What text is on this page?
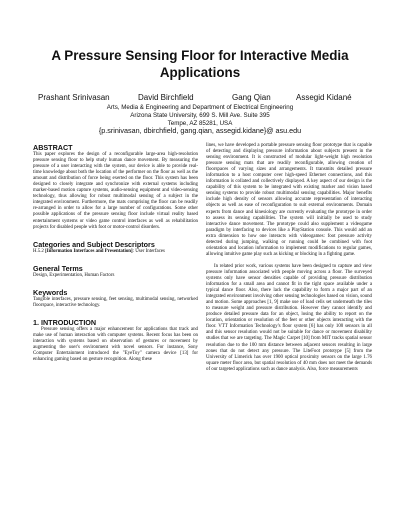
A Pressure Sensing Floor for Interactive Media
Applications
Prashant Srinivasan	David Birchfield	Gang Qian	Assegid Kidané
Arts, Media & Engineering and Department of Electrical Engineering
Arizona State University, 699 S. Mill Ave. Suite 395
Tempe, AZ 85281, USA
{p.srinivasan, dbirchfield, gang.qian, assegid.kidane}@ asu.edu
ABSTRACT

This paper explores the design of a reconfigurable large-area high-resolution pressure sensing floor to help study human dance movement. By measuring the pressure of a user interacting with the system, our device is able to provide real-time knowledge about both the location of the performer on the floor as well as the amount and distribution of force being exerted on the floor. This system has been designed to closely integrate and synchronize with external systems including marker-based motion capture systems, audio-sensing equipment and video-sensing technology, thus allowing for robust multimodal sensing of a subject in the integrated environment. Furthermore, the mats comprising the floor can be readily re-arranged in order to allow for a large number of configurations. Some other possible applications of the pressure sensing floor include virtual reality based entertainment systems or video game control interfaces as well as rehabilitation projects for disabled people with foot or motor-control disorders.

Categories and Subject Descriptors

H.5.2 [Information Interfaces and Presentation]: User Interfaces

General Terms

Design, Experimentation, Human Factors

Keywords

Tangible interfaces, pressure sensing, feet sensing, multimodal sensing, networked floorspace, interactive technology.

1. INTRODUCTION

Pressure sensing offers a major enhancement for applications that track and make use of human interaction with computer systems. Recent focus has been on interaction with systems based on observation of gestures or movement by augmenting the user's environment with novel sensors. For instance, Sony Computer Entertainment introduced the "EyeToy" camera device [13] for enhancing gaming based on gesture recognition. Along these

lines, we have developed a portable pressure sensing floor prototype that is capable of detecting and displaying pressure information about subjects present in the sensing environment. It is constructed of modular light-weight high resolution pressure sensing mats that are readily reconfigurable, allowing creation of floorspaces of varying sizes and arrangements. It transmits detailed pressure information to a host computer over high-speed Ethernet connections, and this information is collated and collectively displayed. A key aspect of our design is the capability of this system to be integrated with existing marker and vision based sensing systems to provide robust multimodal sensing capabilities. Major benefits include high density of sensors allowing accurate representation of interacting objects as well as ease of reconfiguration to suit external environments. Domain experts from dance and kinesiology are currently evaluating the prototype in order to assess its sensing capabilities. The system will initially be used to study interactive dance movement. The prototype could also supplement a videogame paradigm by interfacing to devices like a PlayStation console. This would add an extra dimension to how one interacts with videogames: foot pressure activity detected during jumping, walking or running could be combined with foot orientation and location information to implement modifications to regular games, allowing intuitive game play such as kicking or blocking in a fighting game.

In related prior work, various systems have been designed to capture and view pressure information associated with people moving across a floor. The surveyed systems only have sensor densities capable of providing pressure distribution information for a small area and cannot fit in the tight space available under a typical dance floor. Also, there lack the capability to form a major part of an integrated environment involving other sensing technologies based on vision, sound and motion. Some approaches [1, 9] make use of load cells set underneath the tiles to measure weight and pressure distribution. However they cannot identify and produce detailed pressure data for an object, losing the ability to report on the location, orientation or resolution of the feet or other objects interacting with the floor. VTT Information Technology's floor system [6] has only 100 sensors in all and this sensor resolution would not be suitable for dance or movement disability studies that we are targeting. The Magic Carpet [10] from MIT tracks spatial sensor resolution due to the 100 mm distance between adjacent sensors resulting in large zones that do not detect any pressure. The LiteFoot prototype [5] from the University of Limerick has over 1900 optical proximity sensors on the large 1.76 square meter floor area, but spatial resolution of 40 mm does not meet the demands of our targeted applications such as dance analysis. Also, force measurements
